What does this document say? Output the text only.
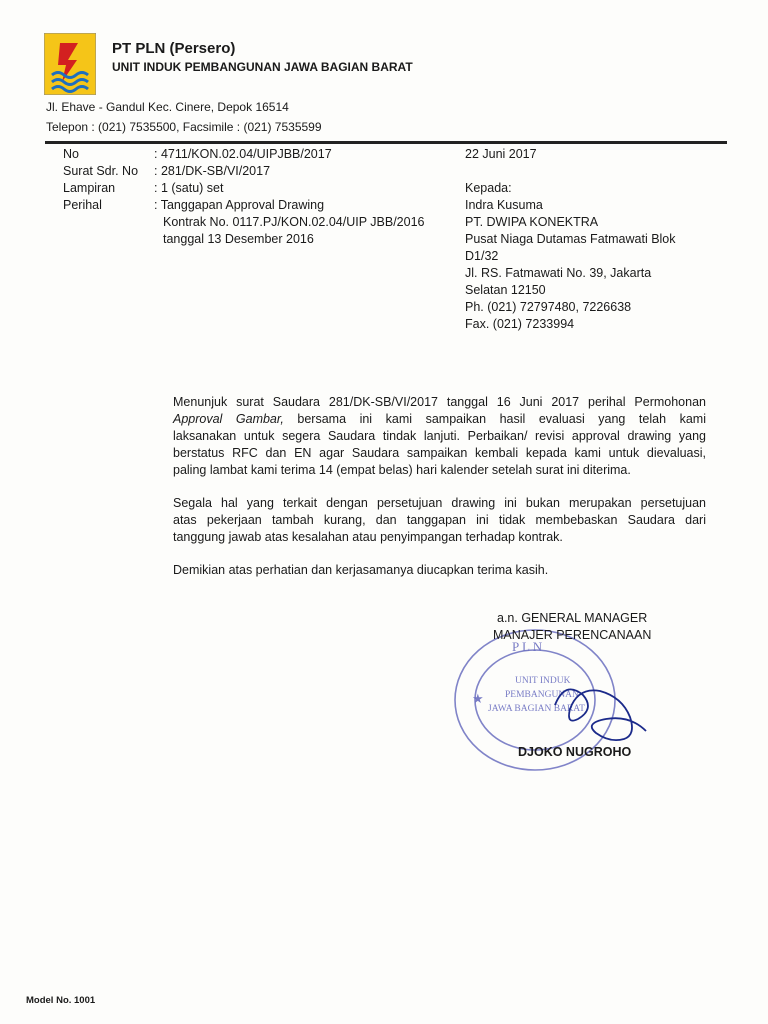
PT PLN (Persero)
UNIT INDUK PEMBANGUNAN JAWA BAGIAN BARAT
Jl. Ehave - Gandul Kec. Cinere, Depok 16514
Telepon : (021) 7535500, Facsimile : (021) 7535599
No
Surat Sdr. No
Lampiran
Perihal
: 4711/KON.02.04/UIPJBB/2017
: 281/DK-SB/VI/2017
: 1 (satu) set
: Tanggapan Approval Drawing
Kontrak No. 0117.PJ/KON.02.04/UIP JBB/2016
tanggal 13 Desember 2016
22 Juni 2017
Kepada:
Indra Kusuma
PT. DWIPA KONEKTRA
Pusat Niaga Dutamas Fatmawati Blok
D1/32
Jl. RS. Fatmawati No. 39, Jakarta
Selatan 12150
Ph. (021) 72797480, 7226638
Fax. (021) 7233994
Menunjuk surat Saudara 281/DK-SB/VI/2017 tanggal 16 Juni 2017 perihal Permohonan
Approval Gambar, bersama ini kami sampaikan hasil evaluasi yang telah kami
laksanakan untuk segera Saudara tindak lanjuti. Perbaikan/ revisi approval drawing yang
berstatus RFC dan EN agar Saudara sampaikan kembali kepada kami untuk dievaluasi,
paling lambat kami terima 14 (empat belas) hari kalender setelah surat ini diterima.
Segala hal yang terkait dengan persetujuan drawing ini bukan merupakan persetujuan
atas pekerjaan tambah kurang, dan tanggapan ini tidak membebaskan Saudara dari
tanggung jawab atas kesalahan atau penyimpangan terhadap kontrak.
Demikian atas perhatian dan kerjasamanya diucapkan terima kasih.
P L N
★
UNIT INDUK
PEMBANGUNAN
JAWA BAGIAN BARAT
a.n. GENERAL MANAGER
MANAJER PERENCANAAN
DJOKO NUGROHO
Model No. 1001
